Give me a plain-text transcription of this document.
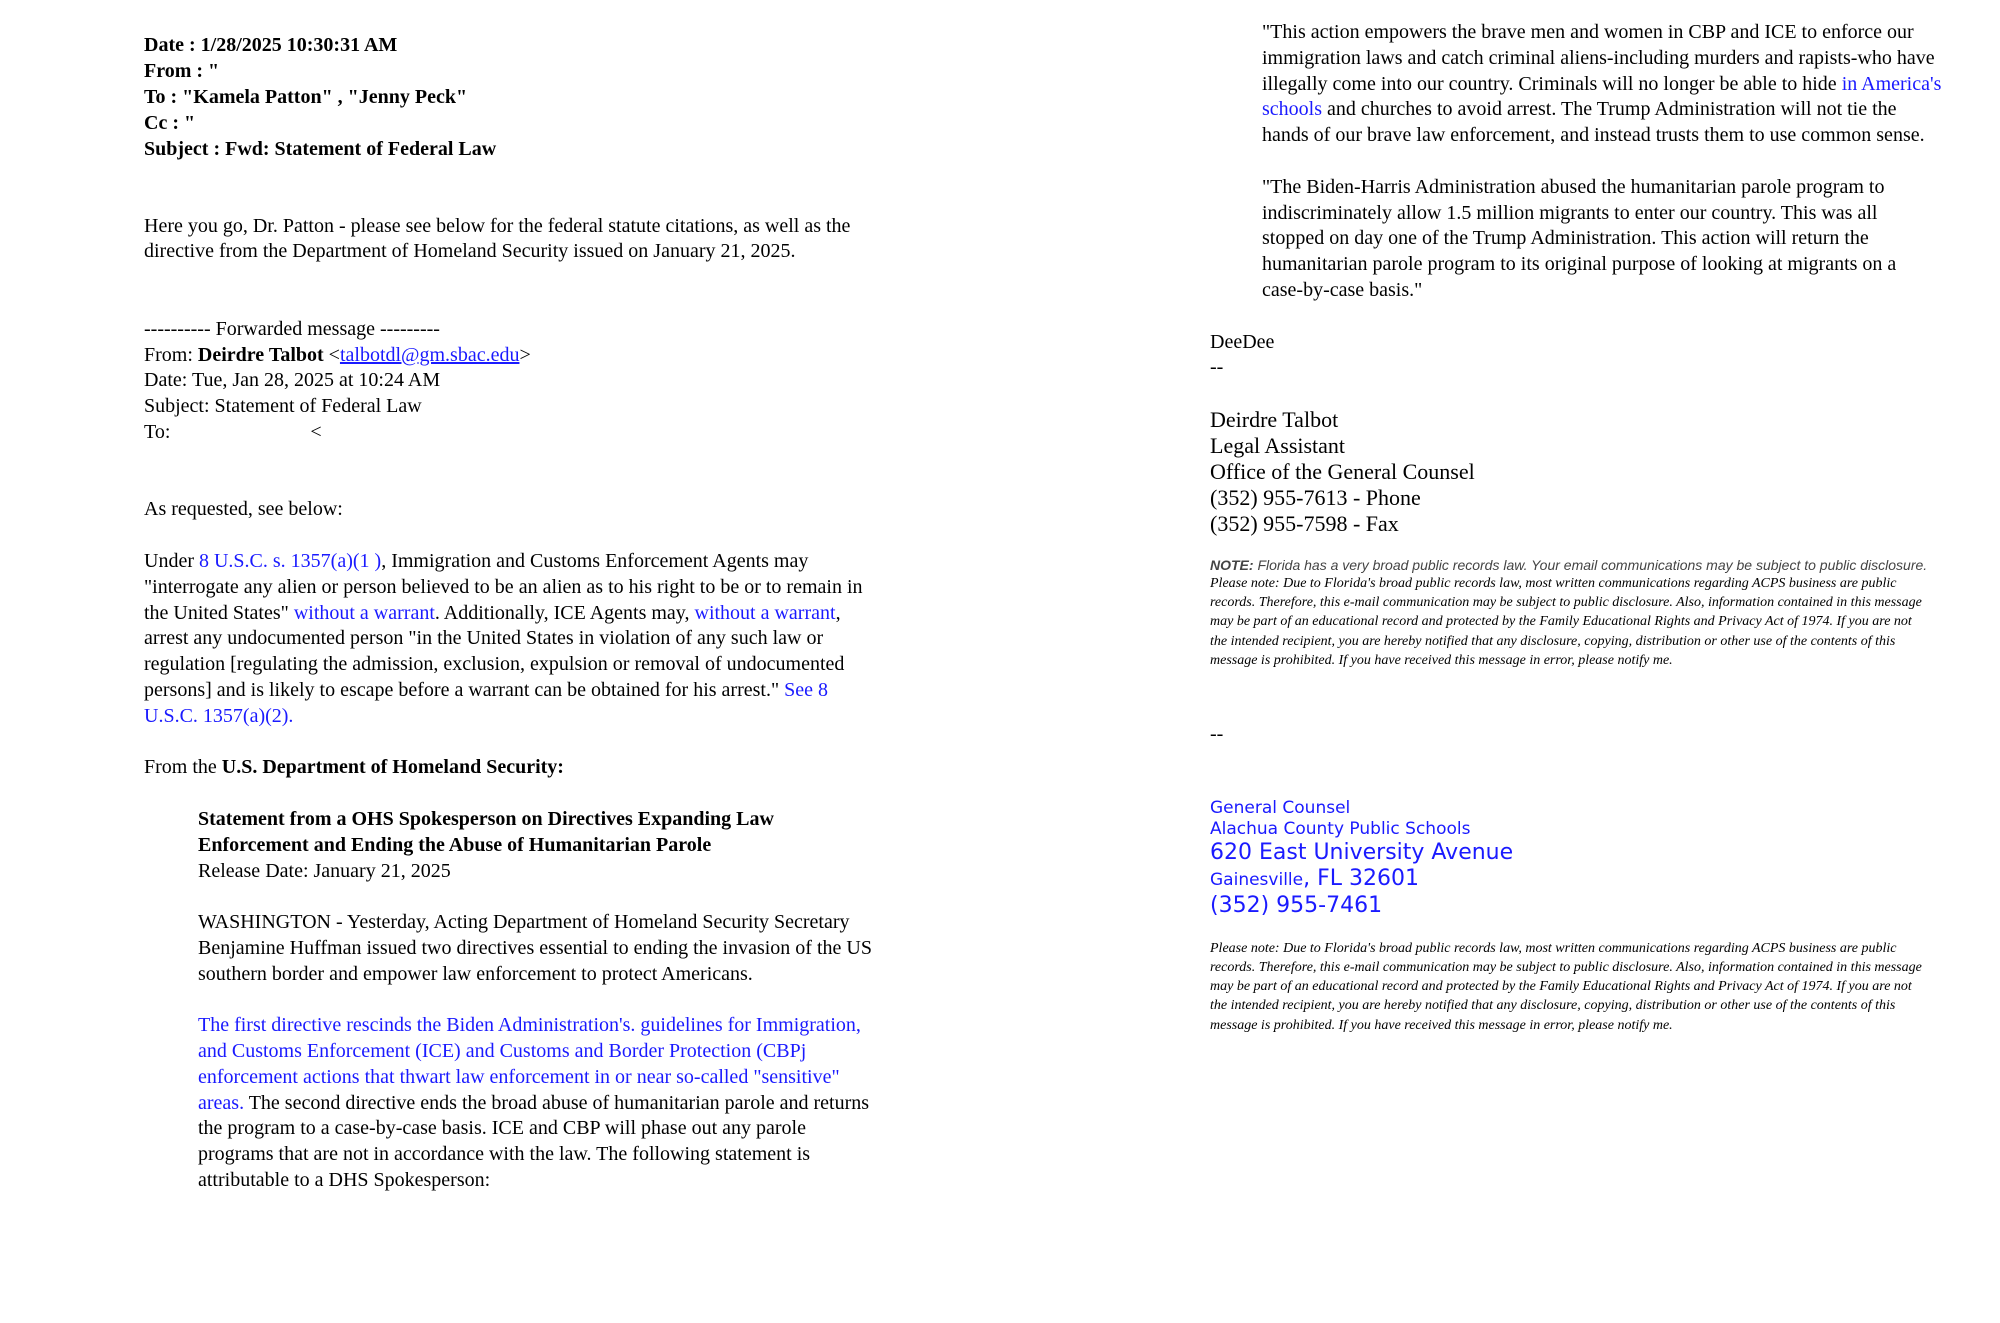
Date : 1/28/2025 10:30:31 AM
From : "
To : "Kamela Patton" , "Jenny Peck"
Cc : "
Subject : Fwd: Statement of Federal Law

Here you go, Dr. Patton - please see below for the federal statute citations, as well as the directive from the Department of Homeland Security issued on January 21, 2025.

---------- Forwarded message ---------

From: Deirdre Talbot <talbotdl@gm.sbac.edu>

Date: Tue, Jan 28, 2025 at 10:24 AM

Subject: Statement of Federal Law

To:	<

As requested, see below:

Under 8 U.S.C. s. 1357(a)(1 ), Immigration and Customs Enforcement Agents may "interrogate any alien or person believed to be an alien as to his right to be or to remain in the United States" without a warrant. Additionally, ICE Agents may, without a warrant, arrest any undocumented person "in the United States in violation of any such law or regulation [regulating the admission, exclusion, expulsion or removal of undocumented persons] and is likely to escape before a warrant can be obtained for his arrest." See 8 U.S.C. 1357(a)(2).

From the U.S. Department of Homeland Security:

Statement from a OHS Spokesperson on Directives Expanding Law Enforcement and Ending the Abuse of Humanitarian Parole

Release Date: January 21, 2025

WASHINGTON - Yesterday, Acting Department of Homeland Security Secretary Benjamine Huffman issued two directives essential to ending the invasion of the US southern border and empower law enforcement to protect Americans.

The first directive rescinds the Biden Administration's. guidelines for Immigration, and Customs Enforcement (ICE) and Customs and Border Protection (CBPj enforcement actions that thwart law enforcement in or near so-called "sensitive" areas. The second directive ends the broad abuse of humanitarian parole and returns the program to a case-by-case basis. ICE and CBP will phase out any parole programs that are not in accordance with the law. The following statement is attributable to a DHS Spokesperson:

"This action empowers the brave men and women in CBP and ICE to enforce our immigration laws and catch criminal aliens-including murders and rapists-who have illegally come into our country. Criminals will no longer be able to hide in America's schools and churches to avoid arrest. The Trump Administration will not tie the hands of our brave law enforcement, and instead trusts them to use common sense.

"The Biden-Harris Administration abused the humanitarian parole program to indiscriminately allow 1.5 million migrants to enter our country. This was all stopped on day one of the Trump Administration. This action will return the humanitarian parole program to its original purpose of looking at migrants on a case-by-case basis."

DeeDee

--

Deirdre Talbot

Legal Assistant

Office of the General Counsel

(352) 955-7613 - Phone

(352) 955-7598 - Fax

NOTE: Florida has a very broad public records law. Your email communications may be subject to public disclosure.

Please note: Due to Florida's broad public records law, most written communications regarding ACPS business are public records. Therefore, this e-mail communication may be subject to public disclosure. Also, information contained in this message may be part of an educational record and protected by the Family Educational Rights and Privacy Act of 1974. If you are not the intended recipient, you are hereby notified that any disclosure, copying, distribution or other use of the contents of this message is prohibited. If you have received this message in error, please notify me.

--

General Counsel

Alachua County Public Schools

620 East University Avenue

Gainesville, FL 32601

(352) 955-7461

Please note: Due to Florida's broad public records law, most written communications regarding ACPS business are public records. Therefore, this e-mail communication may be subject to public disclosure. Also, information contained in this message may be part of an educational record and protected by the Family Educational Rights and Privacy Act of 1974. If you are not the intended recipient, you are hereby notified that any disclosure, copying, distribution or other use of the contents of this message is prohibited. If you have received this message in error, please notify me.
